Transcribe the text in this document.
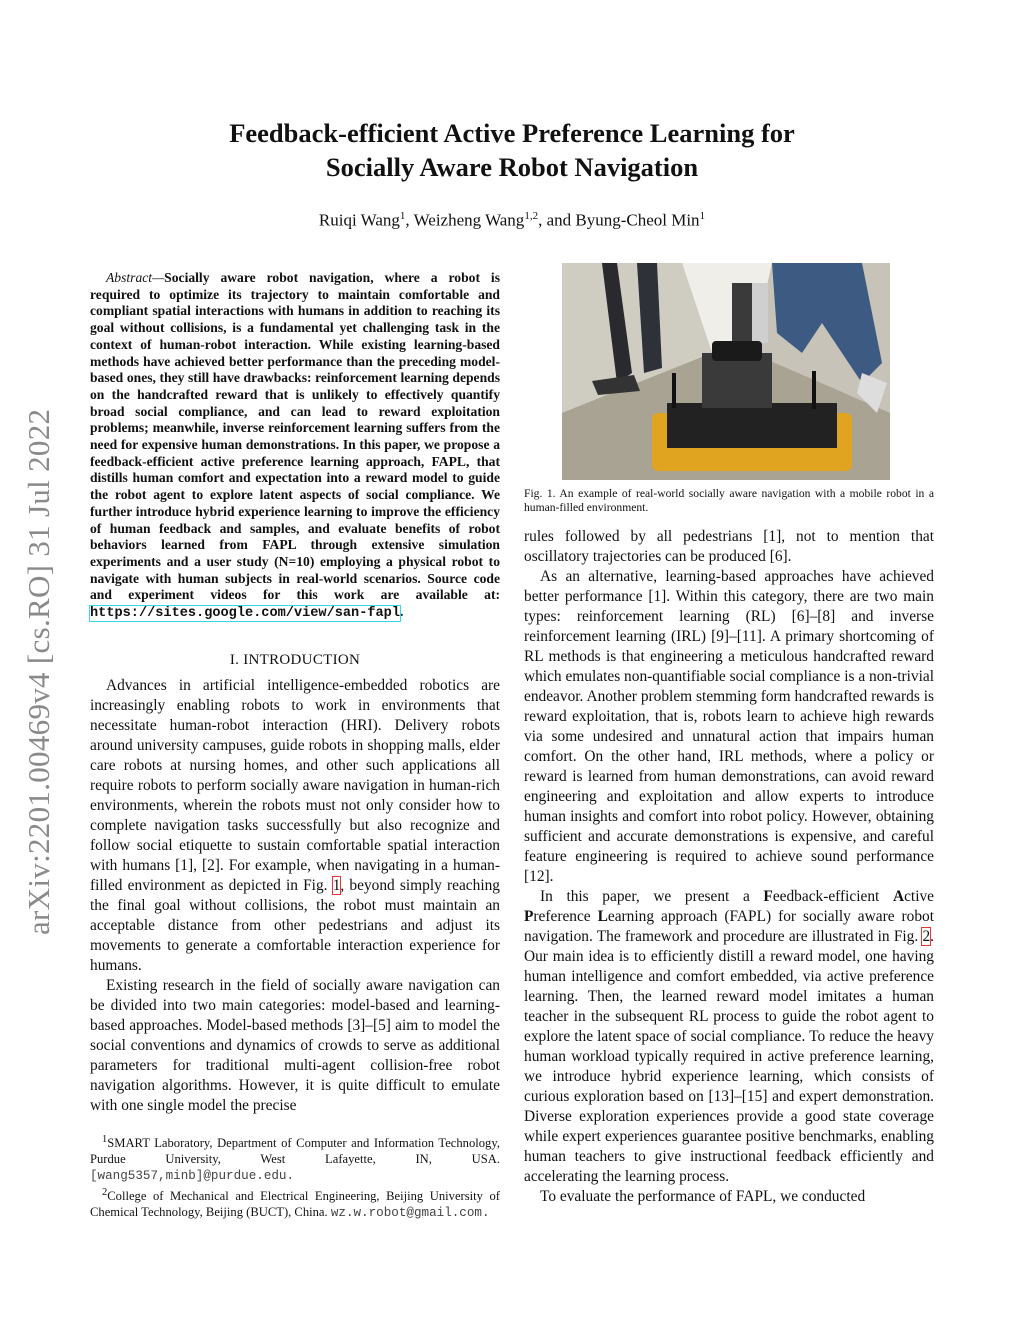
arXiv:2201.00469v4 [cs.RO] 31 Jul 2022
Feedback-efficient Active Preference Learning for
Socially Aware Robot Navigation
Ruiqi Wang$^1$, Weizheng Wang$^{1,2}$, and Byung-Cheol Min$^1$

Abstract—Socially aware robot navigation, where a robot is required to optimize its trajectory to maintain comfortable and compliant spatial interactions with humans in addition to reaching its goal without collisions, is a fundamental yet challenging task in the context of human-robot interaction. While existing learning-based methods have achieved better performance than the preceding model-based ones, they still have drawbacks: reinforcement learning depends on the handcrafted reward that is unlikely to effectively quantify broad social compliance, and can lead to reward exploitation problems; meanwhile, inverse reinforcement learning suffers from the need for expensive human demonstrations. In this paper, we propose a feedback-efficient active preference learning approach, FAPL, that distills human comfort and expectation into a reward model to guide the robot agent to explore latent aspects of social compliance. We further introduce hybrid experience learning to improve the efficiency of human feedback and samples, and evaluate benefits of robot behaviors learned from FAPL through extensive simulation experiments and a user study (N=10) employing a physical robot to navigate with human subjects in real-world scenarios. Source code and experiment videos for this work are available at: https://sites.google.com/view/san-fapl.

I. INTRODUCTION

Advances in artificial intelligence-embedded robotics are increasingly enabling robots to work in environments that necessitate human-robot interaction (HRI). Delivery robots around university campuses, guide robots in shopping malls, elder care robots at nursing homes, and other such applications all require robots to perform socially aware navigation in human-rich environments, wherein the robots must not only consider how to complete navigation tasks successfully but also recognize and follow social etiquette to sustain comfortable spatial interaction with humans [1], [2]. For example, when navigating in a human-filled environment as depicted in Fig. 1, beyond simply reaching the final goal without collisions, the robot must maintain an acceptable distance from other pedestrians and adjust its movements to generate a comfortable interaction experience for humans.

Existing research in the field of socially aware navigation can be divided into two main categories: model-based and learning-based approaches. Model-based methods [3]–[5] aim to model the social conventions and dynamics of crowds to serve as additional parameters for traditional multi-agent collision-free robot navigation algorithms. However, it is quite difficult to emulate with one single model the precise

$^1$SMART Laboratory, Department of Computer and Information Technology, Purdue University, West Lafayette, IN, USA. [wang5357,minb]@purdue.edu.
$^2$College of Mechanical and Electrical Engineering, Beijing University of Chemical Technology, Beijing (BUCT), China. wz.w.robot@gmail.com.
Fig. 1. An example of real-world socially aware navigation with a mobile robot in a human-filled environment.

rules followed by all pedestrians [1], not to mention that oscillatory trajectories can be produced [6].

As an alternative, learning-based approaches have achieved better performance [1]. Within this category, there are two main types: reinforcement learning (RL) [6]–[8] and inverse reinforcement learning (IRL) [9]–[11]. A primary shortcoming of RL methods is that engineering a meticulous handcrafted reward which emulates non-quantifiable social compliance is a non-trivial endeavor. Another problem stemming form handcrafted rewards is reward exploitation, that is, robots learn to achieve high rewards via some undesired and unnatural action that impairs human comfort. On the other hand, IRL methods, where a policy or reward is learned from human demonstrations, can avoid reward engineering and exploitation and allow experts to introduce human insights and comfort into robot policy. However, obtaining sufficient and accurate demonstrations is expensive, and careful feature engineering is required to achieve sound performance [12].

In this paper, we present a Feedback-efficient Active Preference Learning approach (FAPL) for socially aware robot navigation. The framework and procedure are illustrated in Fig. 2. Our main idea is to efficiently distill a reward model, one having human intelligence and comfort embedded, via active preference learning. Then, the learned reward model imitates a human teacher in the subsequent RL process to guide the robot agent to explore the latent space of social compliance. To reduce the heavy human workload typically required in active preference learning, we introduce hybrid experience learning, which consists of curious exploration based on [13]–[15] and expert demonstration. Diverse exploration experiences provide a good state coverage while expert experiences guarantee positive benchmarks, enabling human teachers to give instructional feedback efficiently and accelerating the learning process.

To evaluate the performance of FAPL, we conducted
